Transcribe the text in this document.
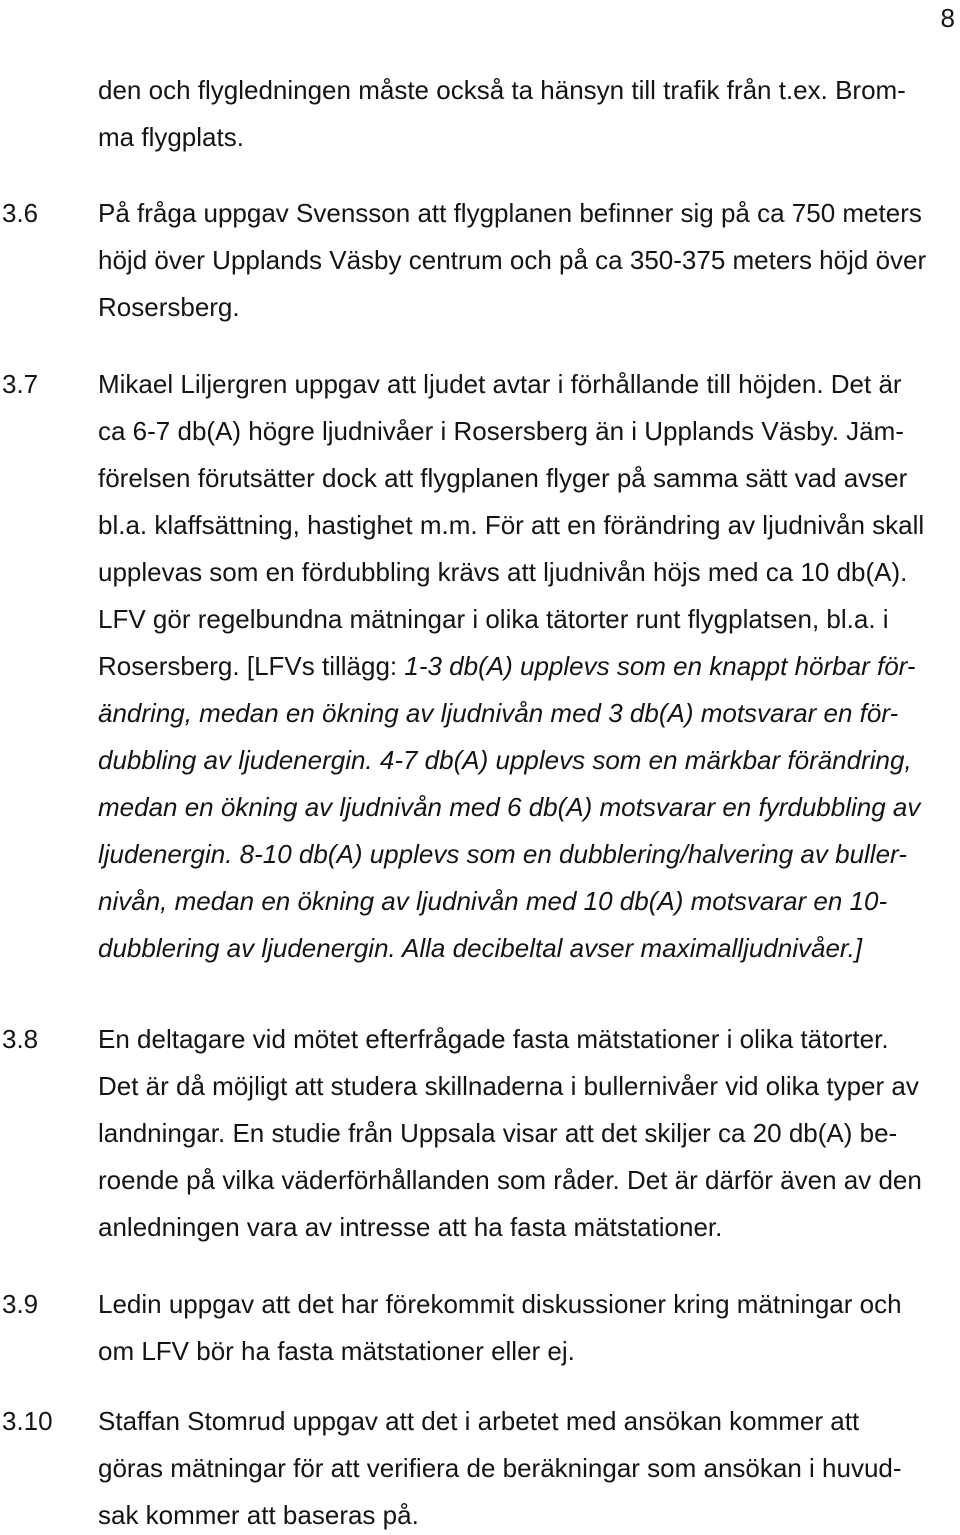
8
den och flygledningen måste också ta hänsyn till trafik från t.ex. Brom-
ma flygplats.
3.6 På fråga uppgav Svensson att flygplanen befinner sig på ca 750 meters
höjd över Upplands Väsby centrum och på ca 350-375 meters höjd över
Rosersberg.
3.7 Mikael Liljergren uppgav att ljudet avtar i förhållande till höjden. Det är
ca 6-7 db(A) högre ljudnivåer i Rosersberg än i Upplands Väsby. Jäm-
förelsen förutsätter dock att flygplanen flyger på samma sätt vad avser
bl.a. klaffsättning, hastighet m.m. För att en förändring av ljudnivån skall
upplevas som en fördubbling krävs att ljudnivån höjs med ca 10 db(A).
LFV gör regelbundna mätningar i olika tätorter runt flygplatsen, bl.a. i
Rosersberg. [LFVs tillägg: 1-3 db(A) upplevs som en knappt hörbar för-
ändring, medan en ökning av ljudnivån med 3 db(A) motsvarar en för-
dubbling av ljudenergin. 4-7 db(A) upplevs som en märkbar förändring,
medan en ökning av ljudnivån med 6 db(A) motsvarar en fyrdubbling av
ljudenergin. 8-10 db(A) upplevs som en dubblering/halvering av buller-
nivån, medan en ökning av ljudnivån med 10 db(A) motsvarar en 10-
dubblering av ljudenergin. Alla decibeltal avser maximalljudnivåer.]
3.8 En deltagare vid mötet efterfrågade fasta mätstationer i olika tätorter.
Det är då möjligt att studera skillnaderna i bullernivåer vid olika typer av
landningar. En studie från Uppsala visar att det skiljer ca 20 db(A) be-
roende på vilka väderförhållanden som råder. Det är därför även av den
anledningen vara av intresse att ha fasta mätstationer.
3.9 Ledin uppgav att det har förekommit diskussioner kring mätningar och
om LFV bör ha fasta mätstationer eller ej.
3.10 Staffan Stomrud uppgav att det i arbetet med ansökan kommer att
göras mätningar för att verifiera de beräkningar som ansökan i huvud-
sak kommer att baseras på.
